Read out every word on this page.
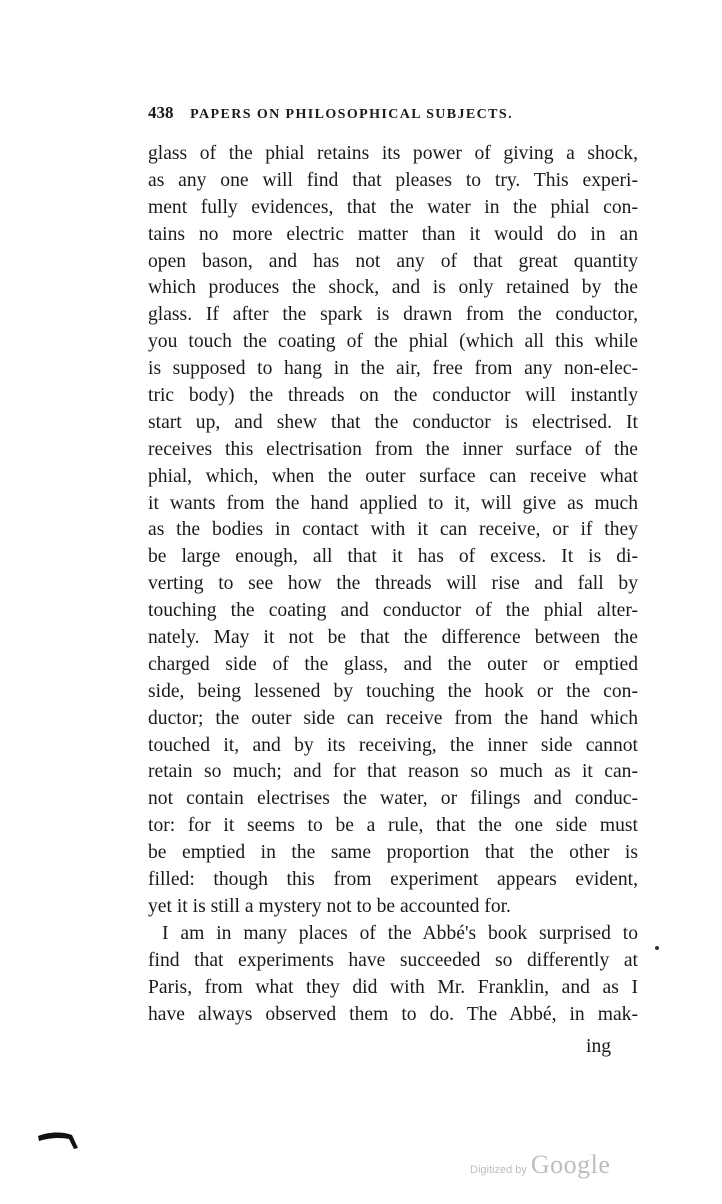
438 PAPERS ON PHILOSOPHICAL SUBJECTS.
glass of the phial retains its power of giving a shock,
as any one will find that pleases to try. This experi-
ment fully evidences, that the water in the phial con-
tains no more electric matter than it would do in an
open bason, and has not any of that great quantity
which produces the shock, and is only retained by the
glass. If after the spark is drawn from the conductor,
you touch the coating of the phial (which all this while
is supposed to hang in the air, free from any non-elec-
tric body) the threads on the conductor will instantly
start up, and shew that the conductor is electrised. It
receives this electrisation from the inner surface of the
phial, which, when the outer surface can receive what
it wants from the hand applied to it, will give as much
as the bodies in contact with it can receive, or if they
be large enough, all that it has of excess. It is di-
verting to see how the threads will rise and fall by
touching the coating and conductor of the phial alter-
nately. May it not be that the difference between the
charged side of the glass, and the outer or emptied
side, being lessened by touching the hook or the con-
ductor; the outer side can receive from the hand which
touched it, and by its receiving, the inner side cannot
retain so much; and for that reason so much as it can-
not contain electrises the water, or filings and conduc-
tor: for it seems to be a rule, that the one side must
be emptied in the same proportion that the other is
filled: though this from experiment appears evident,
yet it is still a mystery not to be accounted for.
I am in many places of the Abbé's book surprised to
find that experiments have succeeded so differently at
Paris, from what they did with Mr. Franklin, and as I
have always observed them to do. The Abbé, in mak-
ing
Digitized by Google
